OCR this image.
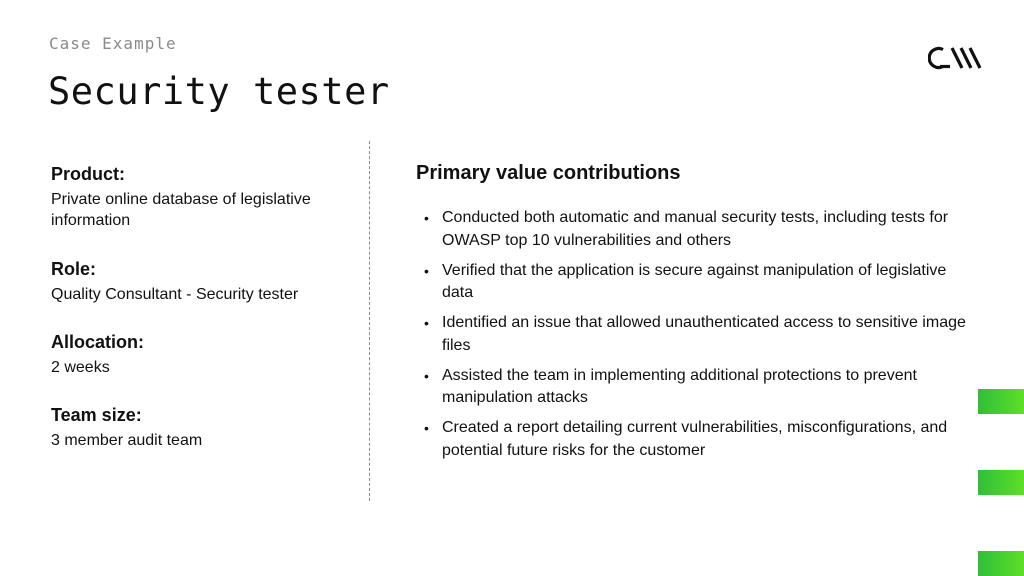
Case Example
Security tester
Product:
Private online database of legislative information
Role:
Quality Consultant - Security tester
Allocation:
2 weeks
Team size:
3 member audit team
Primary value contributions
• Conducted both automatic and manual security tests, including tests for OWASP top 10 vulnerabilities and others
• Verified that the application is secure against manipulation of legislative data
• Identified an issue that allowed unauthenticated access to sensitive image files
• Assisted the team in implementing additional protections to prevent manipulation attacks
• Created a report detailing current vulnerabilities, misconfigurations, and potential future risks for the customer
